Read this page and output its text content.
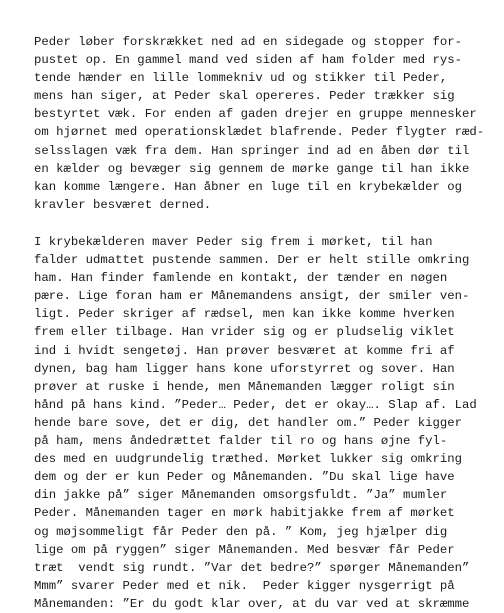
Peder løber forskrækket ned ad en sidegade og stopper for-
pustet op. En gammel mand ved siden af ham folder med rys-
tende hænder en lille lommekniv ud og stikker til Peder,
mens han siger, at Peder skal opereres. Peder trækker sig
bestyrtet væk. For enden af gaden drejer en gruppe mennesker
om hjørnet med operationsklædet blafrende. Peder flygter ræd-
selsslagen væk fra dem. Han springer ind ad en åben dør til
en kælder og bevæger sig gennem de mørke gange til han ikke
kan komme længere. Han åbner en luge til en krybekælder og
kravler besværet derned.
I krybekælderen maver Peder sig frem i mørket, til han
falder udmattet pustende sammen. Der er helt stille omkring
ham. Han finder famlende en kontakt, der tænder en nøgen
pære. Lige foran ham er Månemandens ansigt, der smiler ven-
ligt. Peder skriger af rædsel, men kan ikke komme hverken
frem eller tilbage. Han vrider sig og er pludselig viklet
ind i hvidt sengetøj. Han prøver besværet at komme fri af
dynen, bag ham ligger hans kone uforstyrret og sover. Han
prøver at ruske i hende, men Månemanden lægger roligt sin
hånd på hans kind. ”Peder… Peder, det er okay…. Slap af. Lad
hende bare sove, det er dig, det handler om.” Peder kigger
på ham, mens åndedrættet falder til ro og hans øjne fyl-
des med en uudgrundelig træthed. Mørket lukker sig omkring
dem og der er kun Peder og Månemanden. ”Du skal lige have
din jakke på” siger Månemanden omsorgsfuldt. ”Ja” mumler
Peder. Månemanden tager en mørk habitjakke frem af mørket
og møjsommeligt får Peder den på. ” Kom, jeg hjælper dig
lige om på ryggen” siger Månemanden. Med besvær får Peder
træt  vendt sig rundt. ”Var det bedre?” spørger Månemanden”
Mmm” svarer Peder med et nik.  Peder kigger nysgerrigt på
Månemanden: ”Er du godt klar over, at du var ved at skræmme
